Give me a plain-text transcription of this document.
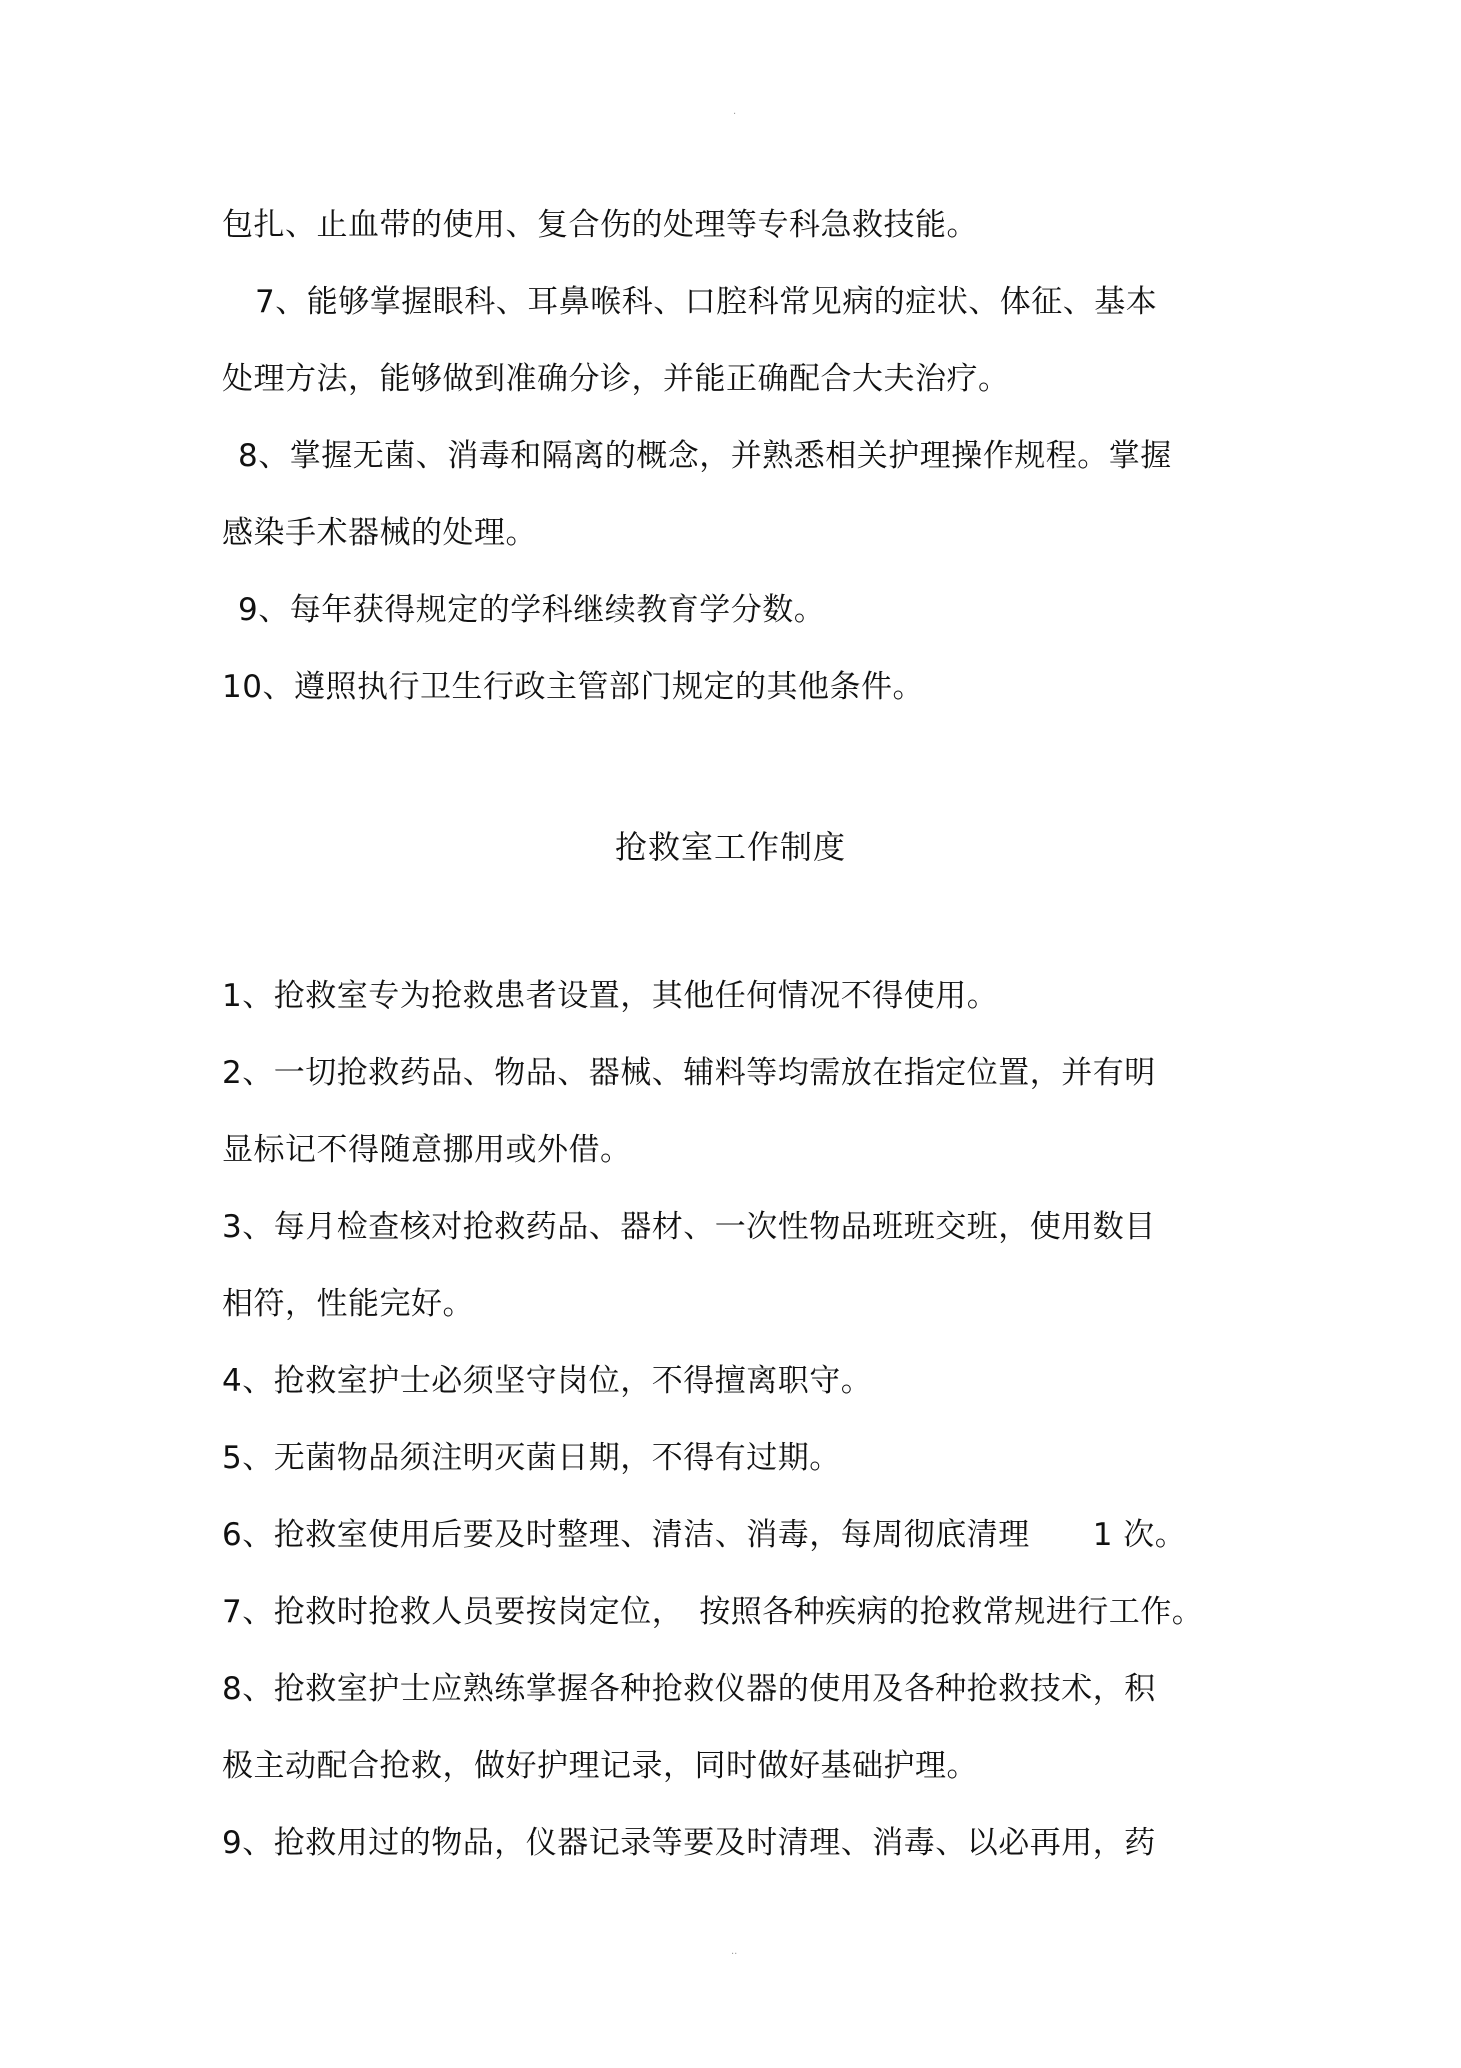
·
包扎、止血带的使用、复合伤的处理等专科急救技能。
7、能够掌握眼科、耳鼻喉科、口腔科常见病的症状、体征、基本
处理方法，能够做到准确分诊，并能正确配合大夫治疗。
8、掌握无菌、消毒和隔离的概念，并熟悉相关护理操作规程。掌握
感染手术器械的处理。
9、每年获得规定的学科继续教育学分数。
10、遵照执行卫生行政主管部门规定的其他条件。
抢救室工作制度
1、抢救室专为抢救患者设置，其他任何情况不得使用。
2、一切抢救药品、物品、器械、辅料等均需放在指定位置，并有明
显标记不得随意挪用或外借。
3、每月检查核对抢救药品、器材、一次性物品班班交班，使用数目
相符，性能完好。
4、抢救室护士必须坚守岗位，不得擅离职守。
5、无菌物品须注明灭菌日期，不得有过期。
6、抢救室使用后要及时整理、清洁、消毒，每周彻底清理　　1 次。
7、抢救时抢救人员要按岗定位，　按照各种疾病的抢救常规进行工作。
8、抢救室护士应熟练掌握各种抢救仪器的使用及各种抢救技术，积
极主动配合抢救，做好护理记录，同时做好基础护理。
9、抢救用过的物品，仪器记录等要及时清理、消毒、以必再用，药
··
